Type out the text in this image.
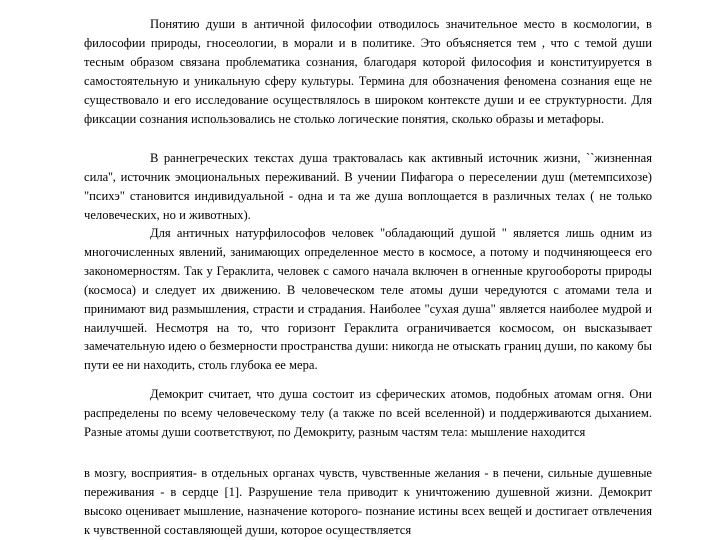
Понятию души в античной философии отводилось значительное место в космологии, в философии природы, гносеологии, в морали и в политике. Это объясняется тем , что с темой души тесным образом связана проблематика сознания, благодаря которой философия и конституируется в самостоятельную и уникальную сферу культуры. Термина для обозначения феномена сознания еще не существовало и его исследование осуществлялось в широком контексте души и ее структурности. Для фиксации сознания использовались не столько логические понятия, сколько образы и метафоры.

В раннегреческих текстах душа трактовалась как активный источник жизни, ``жизненная сила'', источник эмоциональных переживаний. В учении Пифагора о переселении душ (метемпсихозе) "психэ" становится индивидуальной - одна и та же душа воплощается в различных телах ( не только человеческих, но и животных).

Для античных натурфилософов человек "обладающий душой " является лишь одним из многочисленных явлений, занимающих определенное место в космосе, а потому и подчиняющееся его закономерностям. Так у Гераклита, человек с самого начала включен в огненные кругообороты природы (космоса) и следует их движению. В человеческом теле атомы души чередуются с атомами тела и принимают вид размышления, страсти и страдания. Наиболее "сухая душа" является наиболее мудрой и наилучшей. Несмотря на то, что горизонт Гераклита ограничивается космосом, он высказывает замечательную идею о безмерности пространства души: никогда не отыскать границ души, по какому бы пути ее ни находить, столь глубока ее мера.

Демокрит считает, что душа состоит из сферических атомов, подобных атомам огня. Они распределены по всему человеческому телу (а также по всей вселенной) и поддерживаются дыханием. Разные атомы души соответствуют, по Демокриту, разным частям тела: мышление находится

в мозгу, восприятия- в отдельных органах чувств, чувственные желания - в печени, сильные душевные переживания - в сердце [1]. Разрушение тела приводит к уничтожению душевной жизни. Демокрит высоко оценивает мышление, назначение которого- познание истины всех вещей и достигает отвлечения к чувственной составляющей души, которое осуществляется
